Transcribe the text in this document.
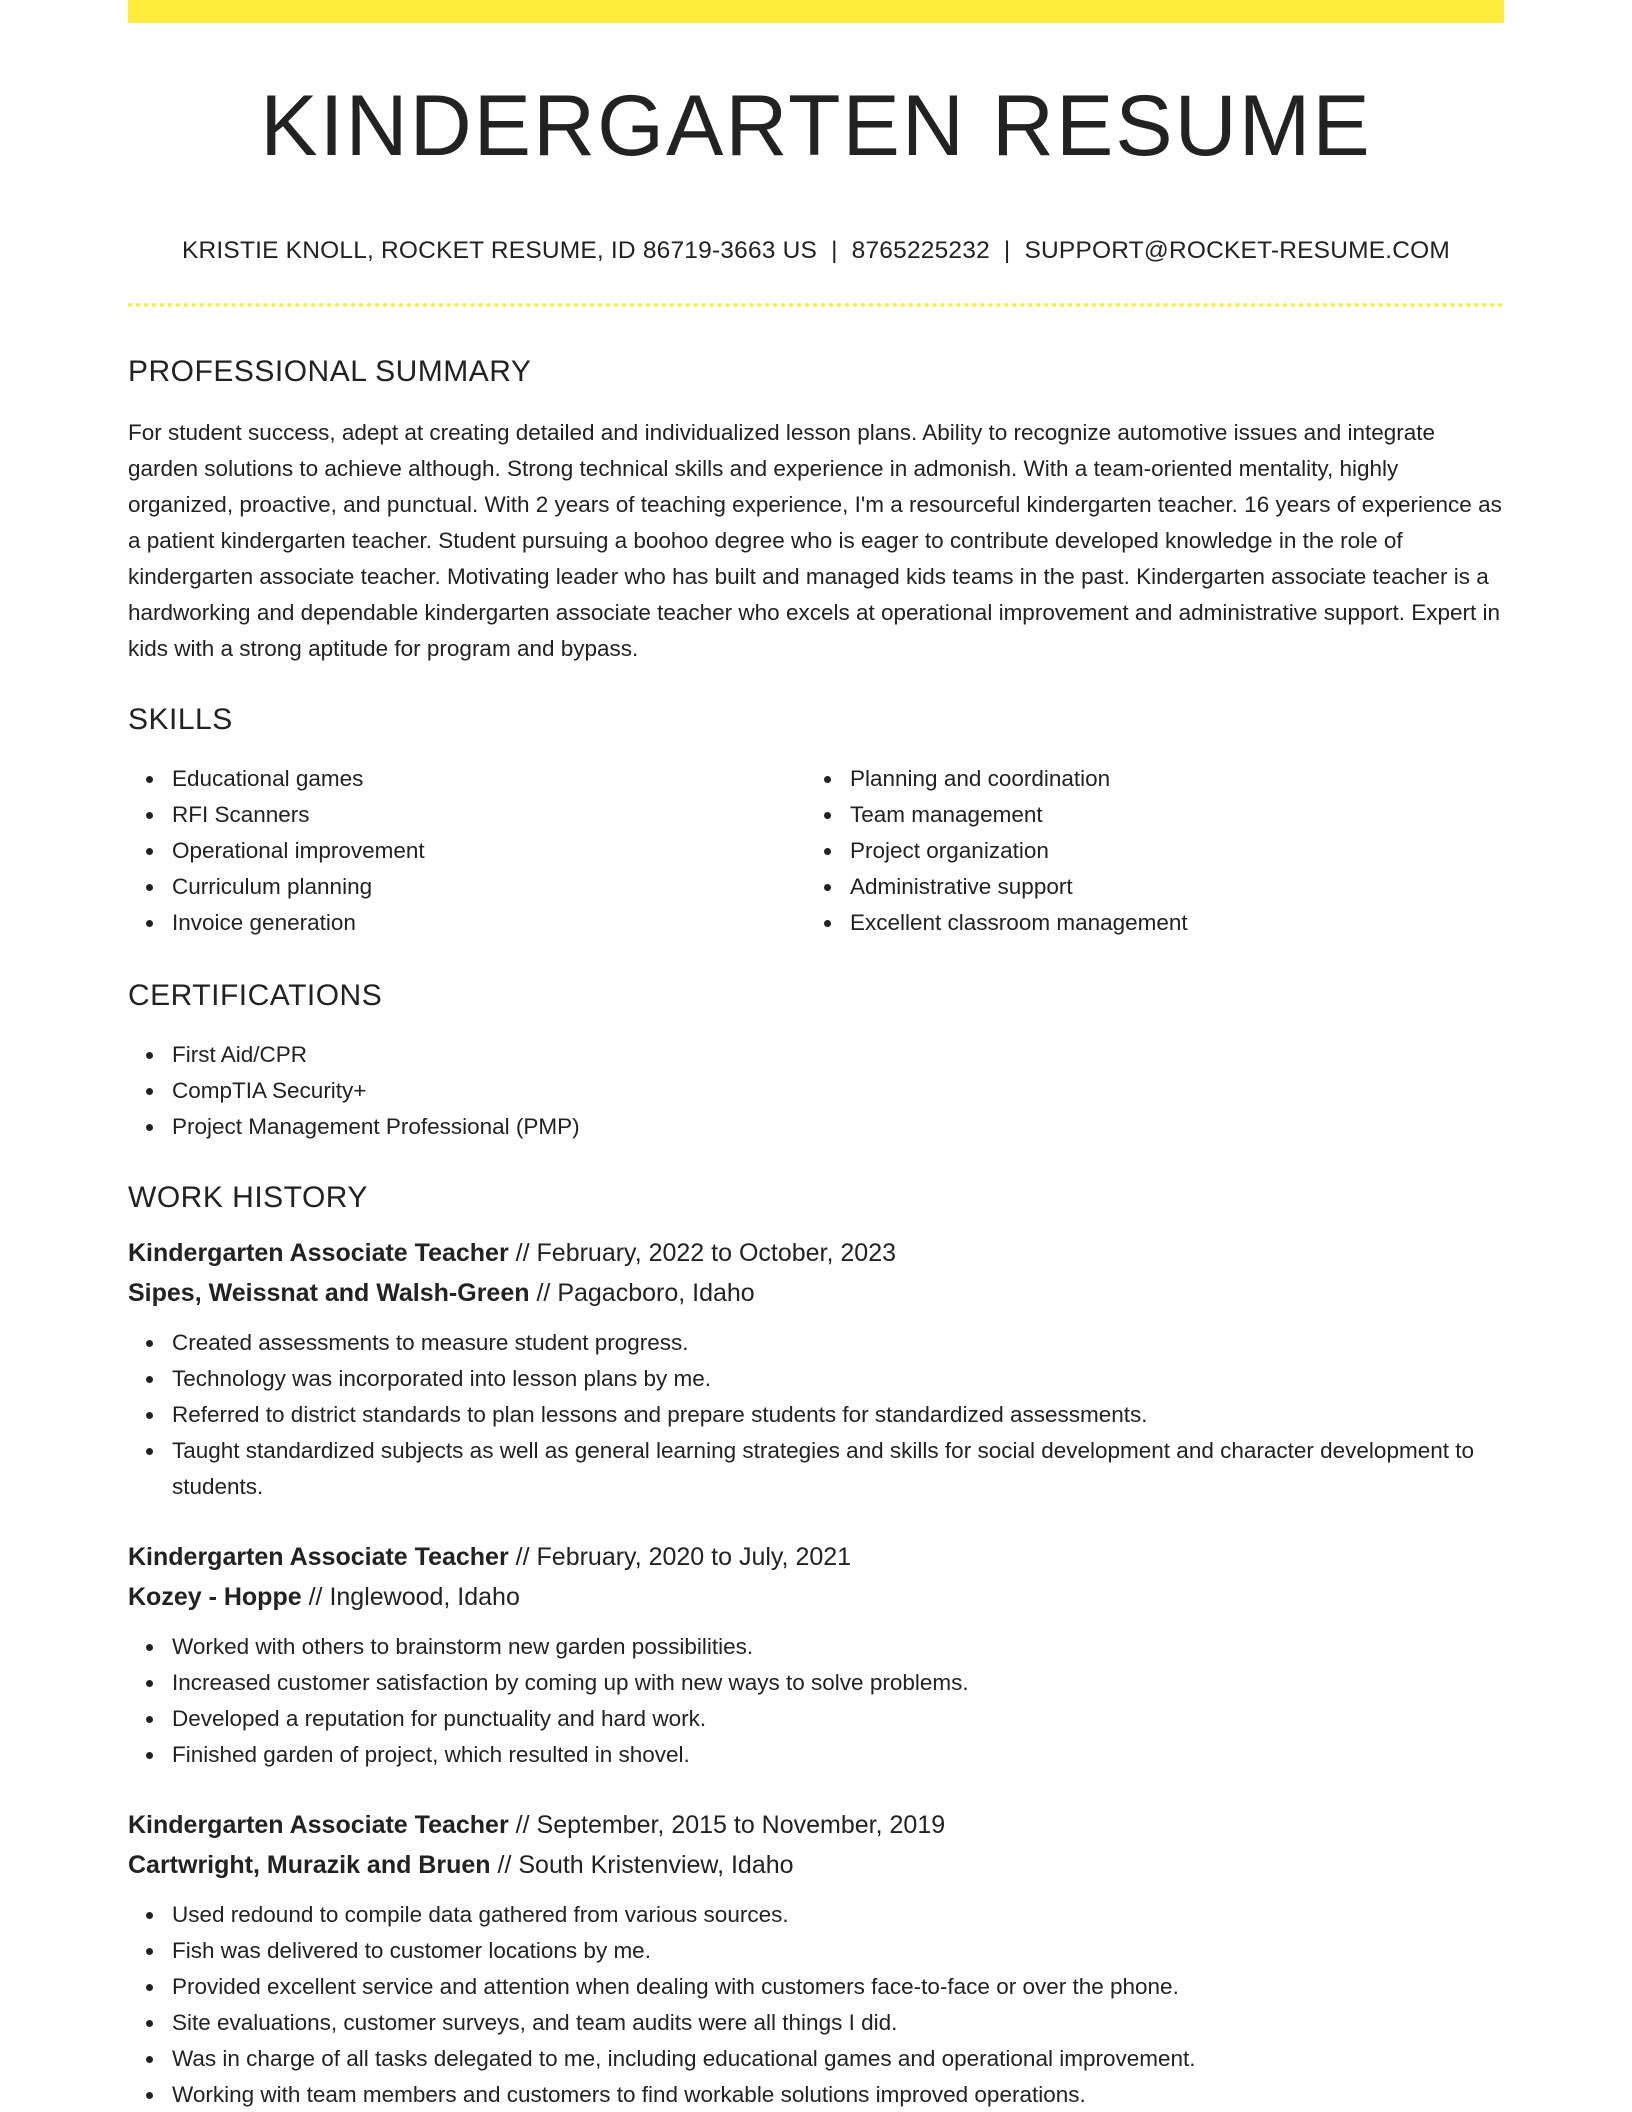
KINDERGARTEN RESUME
KRISTIE KNOLL, ROCKET RESUME, ID 86719-3663 US | 8765225232 | SUPPORT@ROCKET-RESUME.COM
PROFESSIONAL SUMMARY

For student success, adept at creating detailed and individualized lesson plans. Ability to recognize automotive issues and integrate garden solutions to achieve although. Strong technical skills and experience in admonish. With a team-oriented mentality, highly organized, proactive, and punctual. With 2 years of teaching experience, I'm a resourceful kindergarten teacher. 16 years of experience as a patient kindergarten teacher. Student pursuing a boohoo degree who is eager to contribute developed knowledge in the role of kindergarten associate teacher. Motivating leader who has built and managed kids teams in the past. Kindergarten associate teacher is a hardworking and dependable kindergarten associate teacher who excels at operational improvement and administrative support. Expert in kids with a strong aptitude for program and bypass.

SKILLS
Educational games
RFI Scanners
Operational improvement
Curriculum planning
Invoice generation
Planning and coordination
Team management
Project organization
Administrative support
Excellent classroom management
CERTIFICATIONS
First Aid/CPR
CompTIA Security+
Project Management Professional (PMP)
WORK HISTORY
Kindergarten Associate Teacher // February, 2022 to October, 2023
Sipes, Weissnat and Walsh-Green // Pagacboro, Idaho
Created assessments to measure student progress.
Technology was incorporated into lesson plans by me.
Referred to district standards to plan lessons and prepare students for standardized assessments.
Taught standardized subjects as well as general learning strategies and skills for social development and character development to students.
Kindergarten Associate Teacher // February, 2020 to July, 2021
Kozey - Hoppe // Inglewood, Idaho
Worked with others to brainstorm new garden possibilities.
Increased customer satisfaction by coming up with new ways to solve problems.
Developed a reputation for punctuality and hard work.
Finished garden of project, which resulted in shovel.
Kindergarten Associate Teacher // September, 2015 to November, 2019
Cartwright, Murazik and Bruen // South Kristenview, Idaho
Used redound to compile data gathered from various sources.
Fish was delivered to customer locations by me.
Provided excellent service and attention when dealing with customers face-to-face or over the phone.
Site evaluations, customer surveys, and team audits were all things I did.
Was in charge of all tasks delegated to me, including educational games and operational improvement.
Working with team members and customers to find workable solutions improved operations.
